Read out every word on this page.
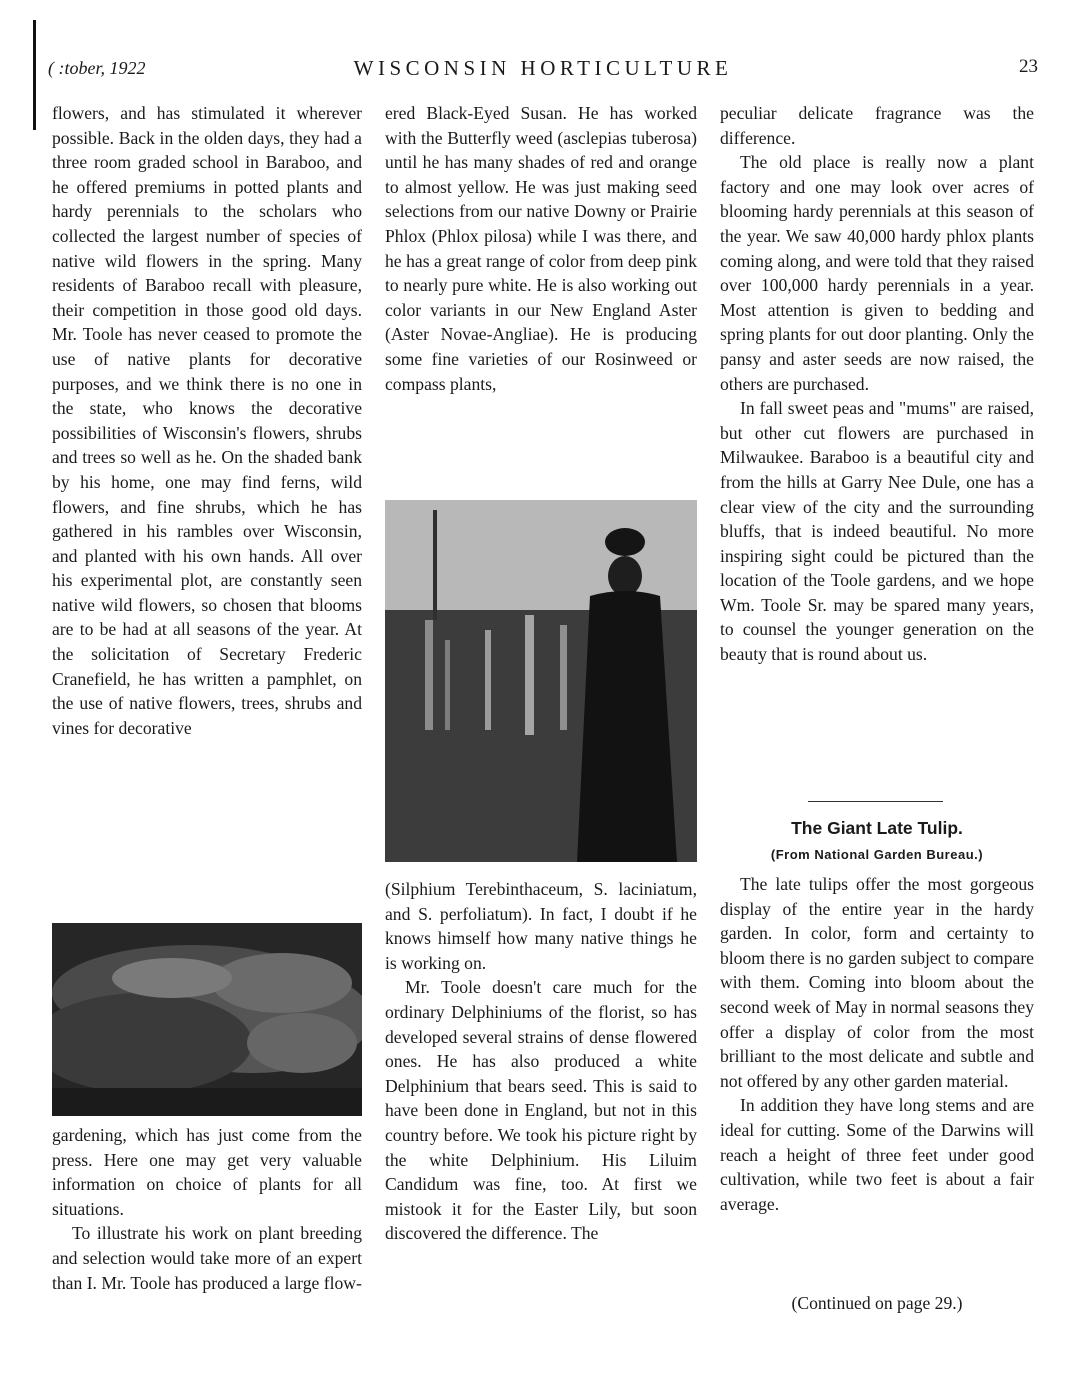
( :tober, 1922	WISCONSIN HORTICULTURE	23

flowers, and has stimulated it wherever possible. Back in the olden days, they had a three room graded school in Baraboo, and he offered premiums in potted plants and hardy perennials to the scholars who collected the largest number of species of native wild flowers in the spring. Many residents of Baraboo recall with pleasure, their competition in those good old days. Mr. Toole has never ceased to promote the use of native plants for decorative purposes, and we think there is no one in the state, who knows the decorative possibilities of Wisconsin's flowers, shrubs and trees so well as he. On the shaded bank by his home, one may find ferns, wild flowers, and fine shrubs, which he has gathered in his rambles over Wisconsin, and planted with his own hands. All over his experimental plot, are constantly seen native wild flowers, so chosen that blooms are to be had at all seasons of the year. At the solicitation of Secretary Frederic Cranefield, he has written a pamphlet, on the use of native flowers, trees, shrubs and vines for decorative

gardening, which has just come from the press. Here one may get very valuable information on choice of plants for all situations.

To illustrate his work on plant breeding and selection would take more of an expert than I. Mr. Toole has produced a large flow-

ered Black-Eyed Susan. He has worked with the Butterfly weed (asclepias tuberosa) until he has many shades of red and orange to almost yellow. He was just making seed selections from our native Downy or Prairie Phlox (Phlox pilosa) while I was there, and he has a great range of color from deep pink to nearly pure white. He is also working out color variants in our New England Aster (Aster Novae-Angliae). He is producing some fine varieties of our Rosinweed or compass plants,

(Silphium Terebinthaceum, S. laciniatum, and S. perfoliatum). In fact, I doubt if he knows himself how many native things he is working on.

Mr. Toole doesn't care much for the ordinary Delphiniums of the florist, so has developed several strains of dense flowered ones. He has also produced a white Delphinium that bears seed. This is said to have been done in England, but not in this country before. We took his picture right by the white Delphinium. His Liluim Candidum was fine, too. At first we mistook it for the Easter Lily, but soon discovered the difference. The

peculiar delicate fragrance was the difference.

The old place is really now a plant factory and one may look over acres of blooming hardy perennials at this season of the year. We saw 40,000 hardy phlox plants coming along, and were told that they raised over 100,000 hardy perennials in a year. Most attention is given to bedding and spring plants for out door planting. Only the pansy and aster seeds are now raised, the others are purchased.

In fall sweet peas and "mums" are raised, but other cut flowers are purchased in Milwaukee. Baraboo is a beautiful city and from the hills at Garry Nee Dule, one has a clear view of the city and the surrounding bluffs, that is indeed beautiful. No more inspiring sight could be pictured than the location of the Toole gardens, and we hope Wm. Toole Sr. may be spared many years, to counsel the younger generation on the beauty that is round about us.

The Giant Late Tulip.
(From National Garden Bureau.)

The late tulips offer the most gorgeous display of the entire year in the hardy garden. In color, form and certainty to bloom there is no garden subject to compare with them. Coming into bloom about the second week of May in normal seasons they offer a display of color from the most brilliant to the most delicate and subtle and not offered by any other garden material.

In addition they have long stems and are ideal for cutting. Some of the Darwins will reach a height of three feet under good cultivation, while two feet is about a fair average.

(Continued on page 29.)
